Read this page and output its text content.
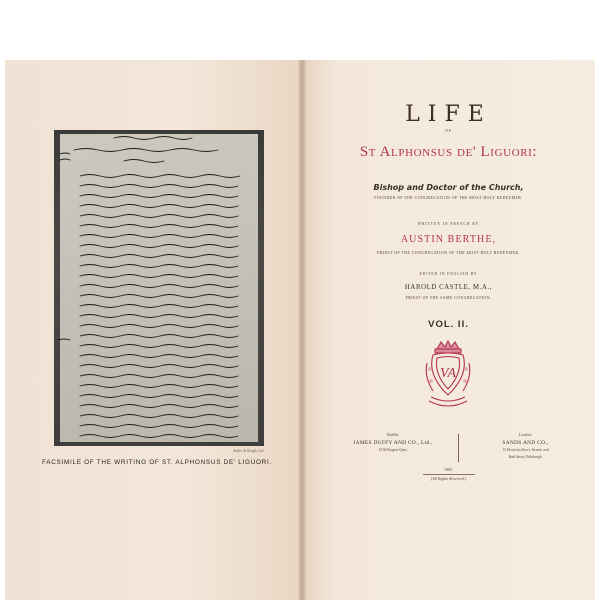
Andre & Sleigh, Ltd.
FACSIMILE OF THE WRITING OF ST. ALPHONSUS DE' LIGUORI.
LIFE
OF
St Alphonsus de' Liguori:
Bishop and Doctor of the Church,
FOUNDER OF THE CONGREGATION OF THE MOST HOLY REDEEMER.
WRITTEN IN FRENCH BY
AUSTIN BERTHE,
PRIEST OF THE CONGREGATION OF THE MOST HOLY REDEEMER.
EDITED IN ENGLISH BY
HAROLD CASTLE, M.A.,
PRIEST OF THE SAME CONGREGATION.
VOL. II.
VA
Dublin:
JAMES DUFFY AND CO., Ltd.,
15 Wellington Quay.
London:
SANDS AND CO.,
15 Henrietta Street, Strand; and
Bath Street, Edinburgh.
1905.
[All Rights Reserved.]
